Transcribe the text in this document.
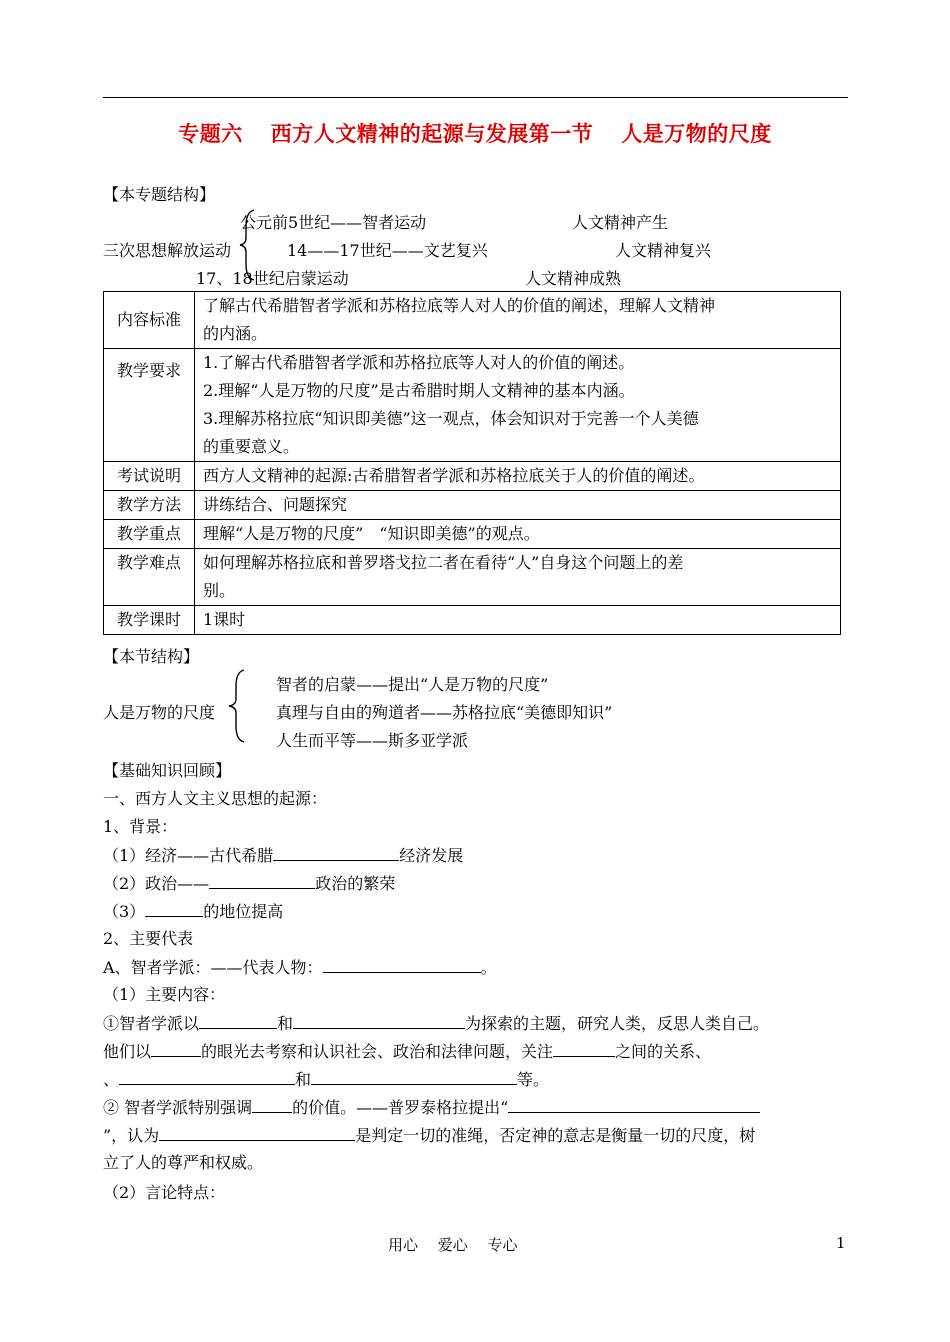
专题六 西方人文精神的起源与发展第一节 人是万物的尺度
【本专题结构】
三次思想解放运动
公元前5世纪——智者运动	人文精神产生
14——17世纪——文艺复兴	人文精神复兴
17、18世纪启蒙运动	人文精神成熟
内容标准	了解古代希腊智者学派和苏格拉底等人对人的价值的阐述，理解人文精神
的内涵。

教学要求	1.了解古代希腊智者学派和苏格拉底等人对人的价值的阐述。
2.理解“人是万物的尺度”是古希腊时期人文精神的基本内涵。
3.理解苏格拉底“知识即美德”这一观点，体会知识对于完善一个人美德
的重要意义。

考试说明	西方人文精神的起源:古希腊智者学派和苏格拉底关于人的价值的阐述。
教学方法	讲练结合、问题探究
教学重点	理解“人是万物的尺度”　“知识即美德”的观点。
教学难点	如何理解苏格拉底和普罗塔戈拉二者在看待“人”自身这个问题上的差
别。

教学课时	1课时
【本节结构】
人是万物的尺度
智者的启蒙——提出“人是万物的尺度”
真理与自由的殉道者——苏格拉底“美德即知识”
人生而平等——斯多亚学派
【基础知识回顾】
一、西方人文主义思想的起源：
1、背景：
（1）经济——古代希腊	经济发展
（2）政治——	政治的繁荣
（3）	的地位提高
2、主要代表
A、智者学派：——代表人物：	。
（1）主要内容：
①智者学派以	和	为探索的主题，研究人类，反思人类自己。
他们以	的眼光去考察和认识社会、政治和法律问题，关注	之间的关系、
、	和	等。
② 智者学派特别强调	的价值。——普罗泰格拉提出“
”，认为	是判定一切的准绳，否定神的意志是衡量一切的尺度，树
立了人的尊严和权威。
（2）言论特点：
用心　 爱心　 专心	1
